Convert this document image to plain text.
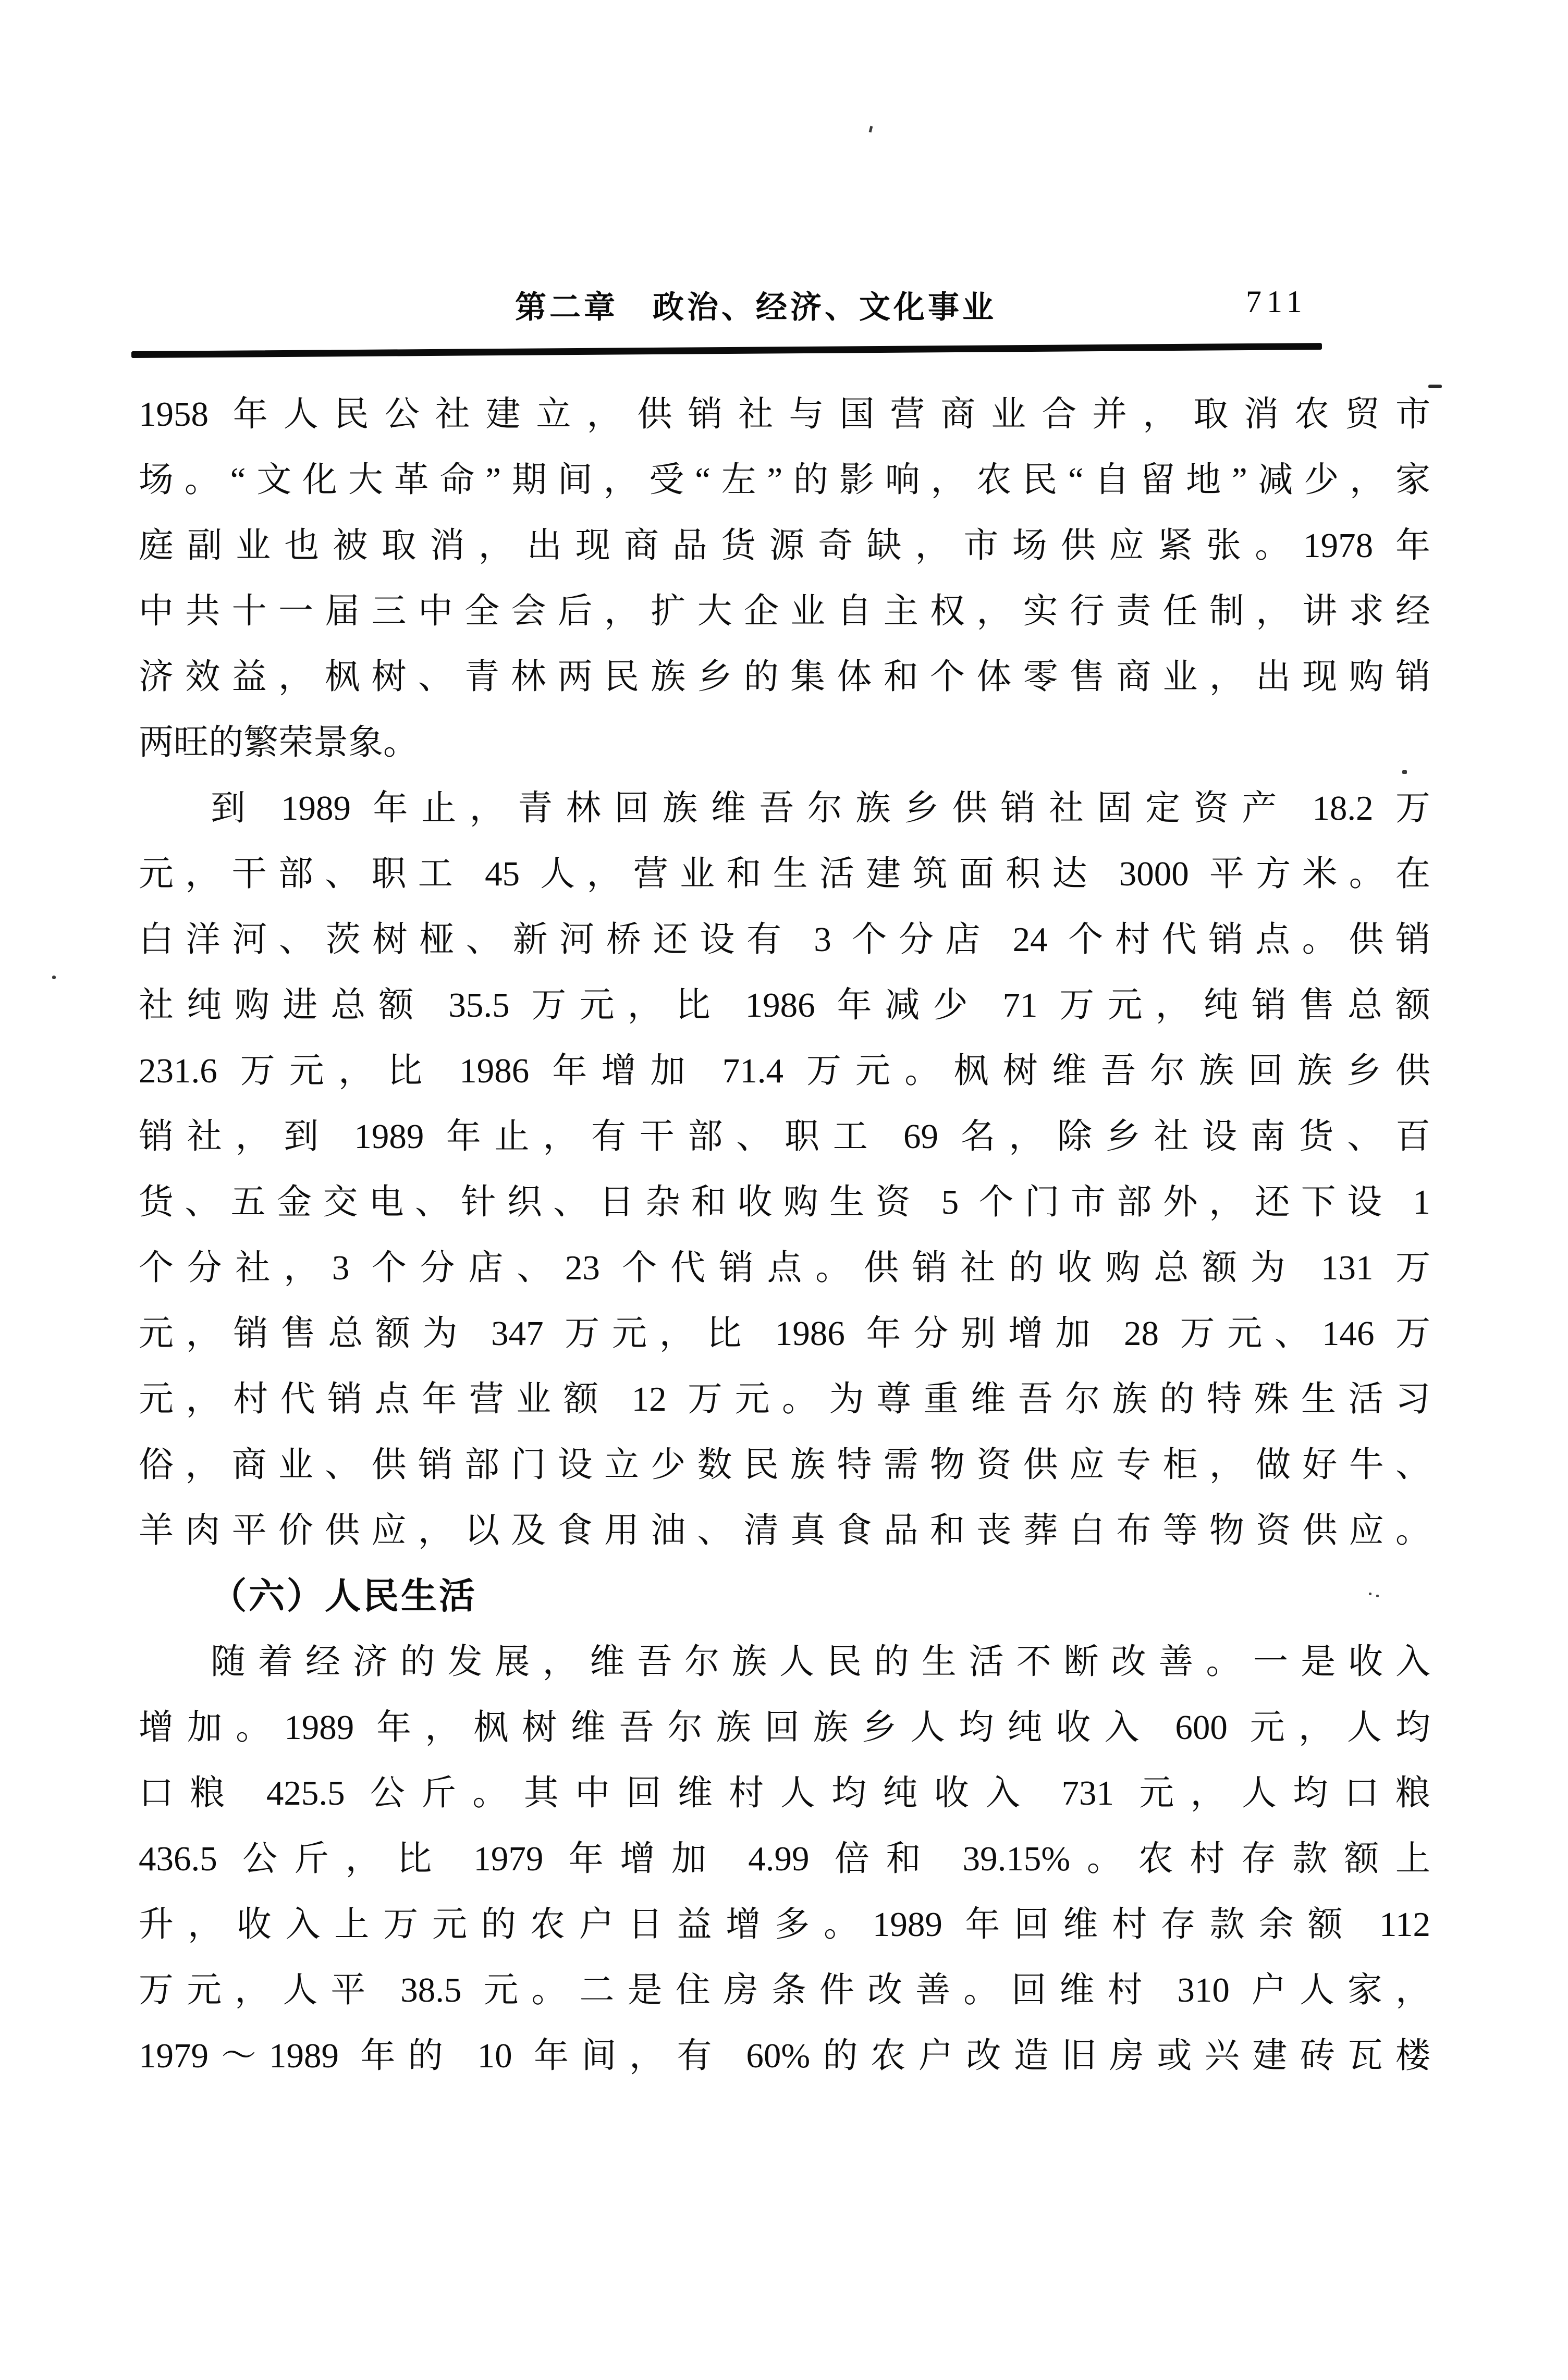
第二章　政治、经济、文化事业	711
1958 年人民公社建立，供销社与国营商业合并，取消农贸市
场。“文化大革命”期间，受“左”的影响，农民“自留地”减少，家
庭副业也被取消，出现商品货源奇缺，市场供应紧张。1978 年
中共十一届三中全会后，扩大企业自主权，实行责任制，讲求经
济效益，枫树、青林两民族乡的集体和个体零售商业，出现购销
两旺的繁荣景象。
到 1989 年止，青林回族维吾尔族乡供销社固定资产 18.2 万
元，干部、职工 45 人，营业和生活建筑面积达 3000 平方米。在
白洋河、茨树桠、新河桥还设有 3 个分店 24 个村代销点。供销
社纯购进总额 35.5 万元，比 1986 年减少 71 万元，纯销售总额
231.6 万元，比 1986 年增加 71.4 万元。枫树维吾尔族回族乡供
销社，到 1989 年止，有干部、职工 69 名，除乡社设南货、百
货、五金交电、针织、日杂和收购生资 5 个门市部外，还下设 1
个分社，3 个分店、23 个代销点。供销社的收购总额为 131 万
元，销售总额为 347 万元，比 1986 年分别增加 28 万元、146 万
元，村代销点年营业额 12 万元。为尊重维吾尔族的特殊生活习
俗，商业、供销部门设立少数民族特需物资供应专柜，做好牛、
羊肉平价供应，以及食用油、清真食品和丧葬白布等物资供应。
（六）人民生活
随着经济的发展，维吾尔族人民的生活不断改善。一是收入
增加。1989 年，枫树维吾尔族回族乡人均纯收入 600 元，人均
口粮 425.5 公斤。其中回维村人均纯收入 731 元，人均口粮
436.5 公斤，比 1979 年增加 4.99 倍和 39.15%。农村存款额上
升，收入上万元的农户日益增多。1989 年回维村存款余额 112
万元，人平 38.5 元。二是住房条件改善。回维村 310 户人家，
1979～1989 年的 10 年间，有 60%的农户改造旧房或兴建砖瓦楼
